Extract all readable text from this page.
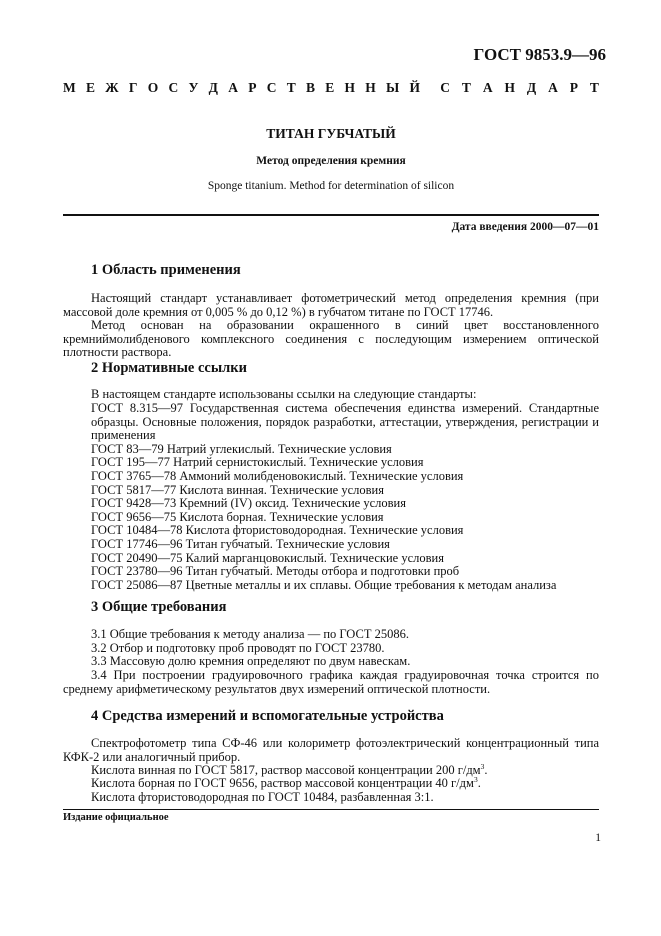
ГОСТ 9853.9—96
М Е Ж Г О С У Д А Р С Т В Е Н Н Ы Й С Т А Н Д А Р Т
ТИТАН ГУБЧАТЫЙ
Метод определения кремния
Sponge titanium. Method for determination of silicon
Дата введения 2000—07—01
1 Область применения

Настоящий стандарт устанавливает фотометрический метод определения кремния (при массовой доле кремния от 0,005 % до 0,12 %) в губчатом титане по ГОСТ 17746.

Метод основан на образовании окрашенного в синий цвет восстановленного кремниймолибденового комплексного соединения с последующим измерением оптической плотности раствора.

2 Нормативные ссылки
В настоящем стандарте использованы ссылки на следующие стандарты:
ГОСТ 8.315—97 Государственная система обеспечения единства измерений. Стандартные образцы. Основные положения, порядок разработки, аттестации, утверждения, регистрации и применения
ГОСТ 83—79 Натрий углекислый. Технические условия
ГОСТ 195—77 Натрий сернистокислый. Технические условия
ГОСТ 3765—78 Аммоний молибденовокислый. Технические условия
ГОСТ 5817—77 Кислота винная. Технические условия
ГОСТ 9428—73 Кремний (IV) оксид. Технические условия
ГОСТ 9656—75 Кислота борная. Технические условия
ГОСТ 10484—78 Кислота фтористоводородная. Технические условия
ГОСТ 17746—96 Титан губчатый. Технические условия
ГОСТ 20490—75 Калий марганцовокислый. Технические условия
ГОСТ 23780—96 Титан губчатый. Методы отбора и подготовки проб
ГОСТ 25086—87 Цветные металлы и их сплавы. Общие требования к методам анализа
3 Общие требования
3.1 Общие требования к методу анализа — по ГОСТ 25086.
3.2 Отбор и подготовку проб проводят по ГОСТ 23780.
3.3 Массовую долю кремния определяют по двум навескам.

3.4 При построении градуировочного графика каждая градуировочная точка строится по среднему арифметическому результатов двух измерений оптической плотности.

4 Средства измерений и вспомогательные устройства

Спектрофотометр типа СФ-46 или колориметр фотоэлектрический концентрационный типа КФК-2 или аналогичный прибор.

Кислота винная по ГОСТ 5817, раствор массовой концентрации 200 $г/дм^3$.
Кислота борная по ГОСТ 9656, раствор массовой концентрации 40 $г/дм^3$.
Кислота фтористоводородная по ГОСТ 10484, разбавленная 3:1.
Издание официальное
1
